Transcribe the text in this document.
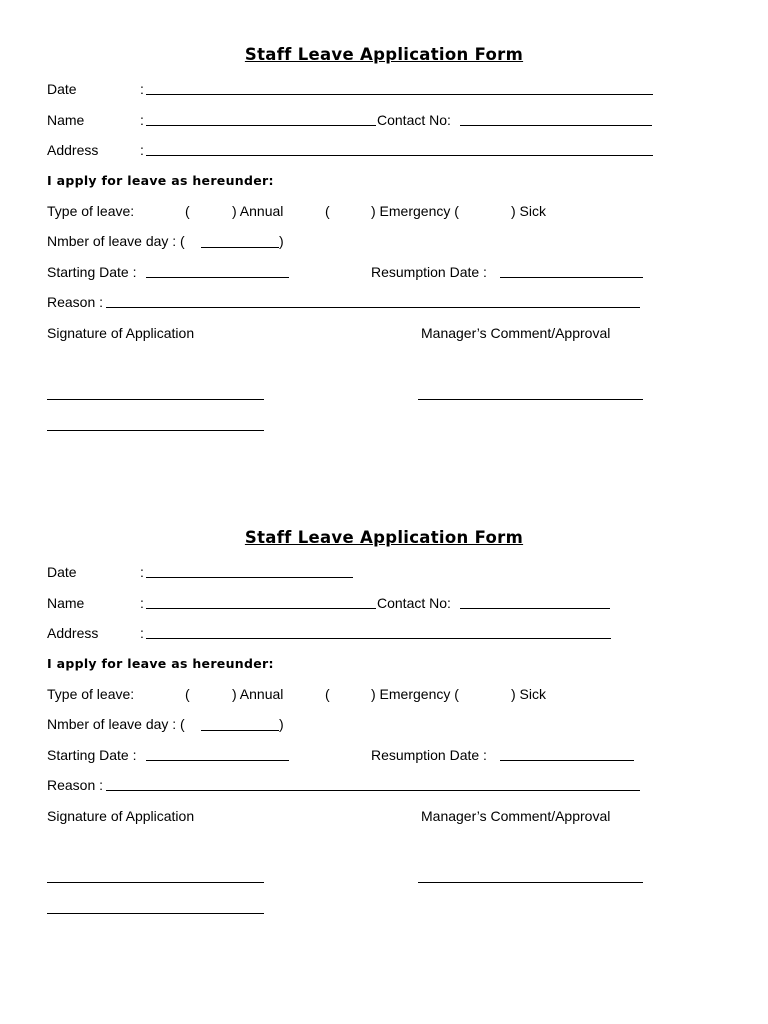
Staff Leave Application Form
Date	:
Name	:	Contact No:
Address	:
I apply for leave as hereunder:
Type of leave:	(	) Annual	(	) Emergency (	) Sick
Nmber of leave day : (	)
Starting Date :	Resumption Date :
Reason :
Signature of Application	Manager’s Comment/Approval
Staff Leave Application Form
Date	:
Name	:	Contact No:
Address	:
I apply for leave as hereunder:
Type of leave:	(	) Annual	(	) Emergency (	) Sick
Nmber of leave day : (	)
Starting Date :	Resumption Date :
Reason :
Signature of Application	Manager’s Comment/Approval
